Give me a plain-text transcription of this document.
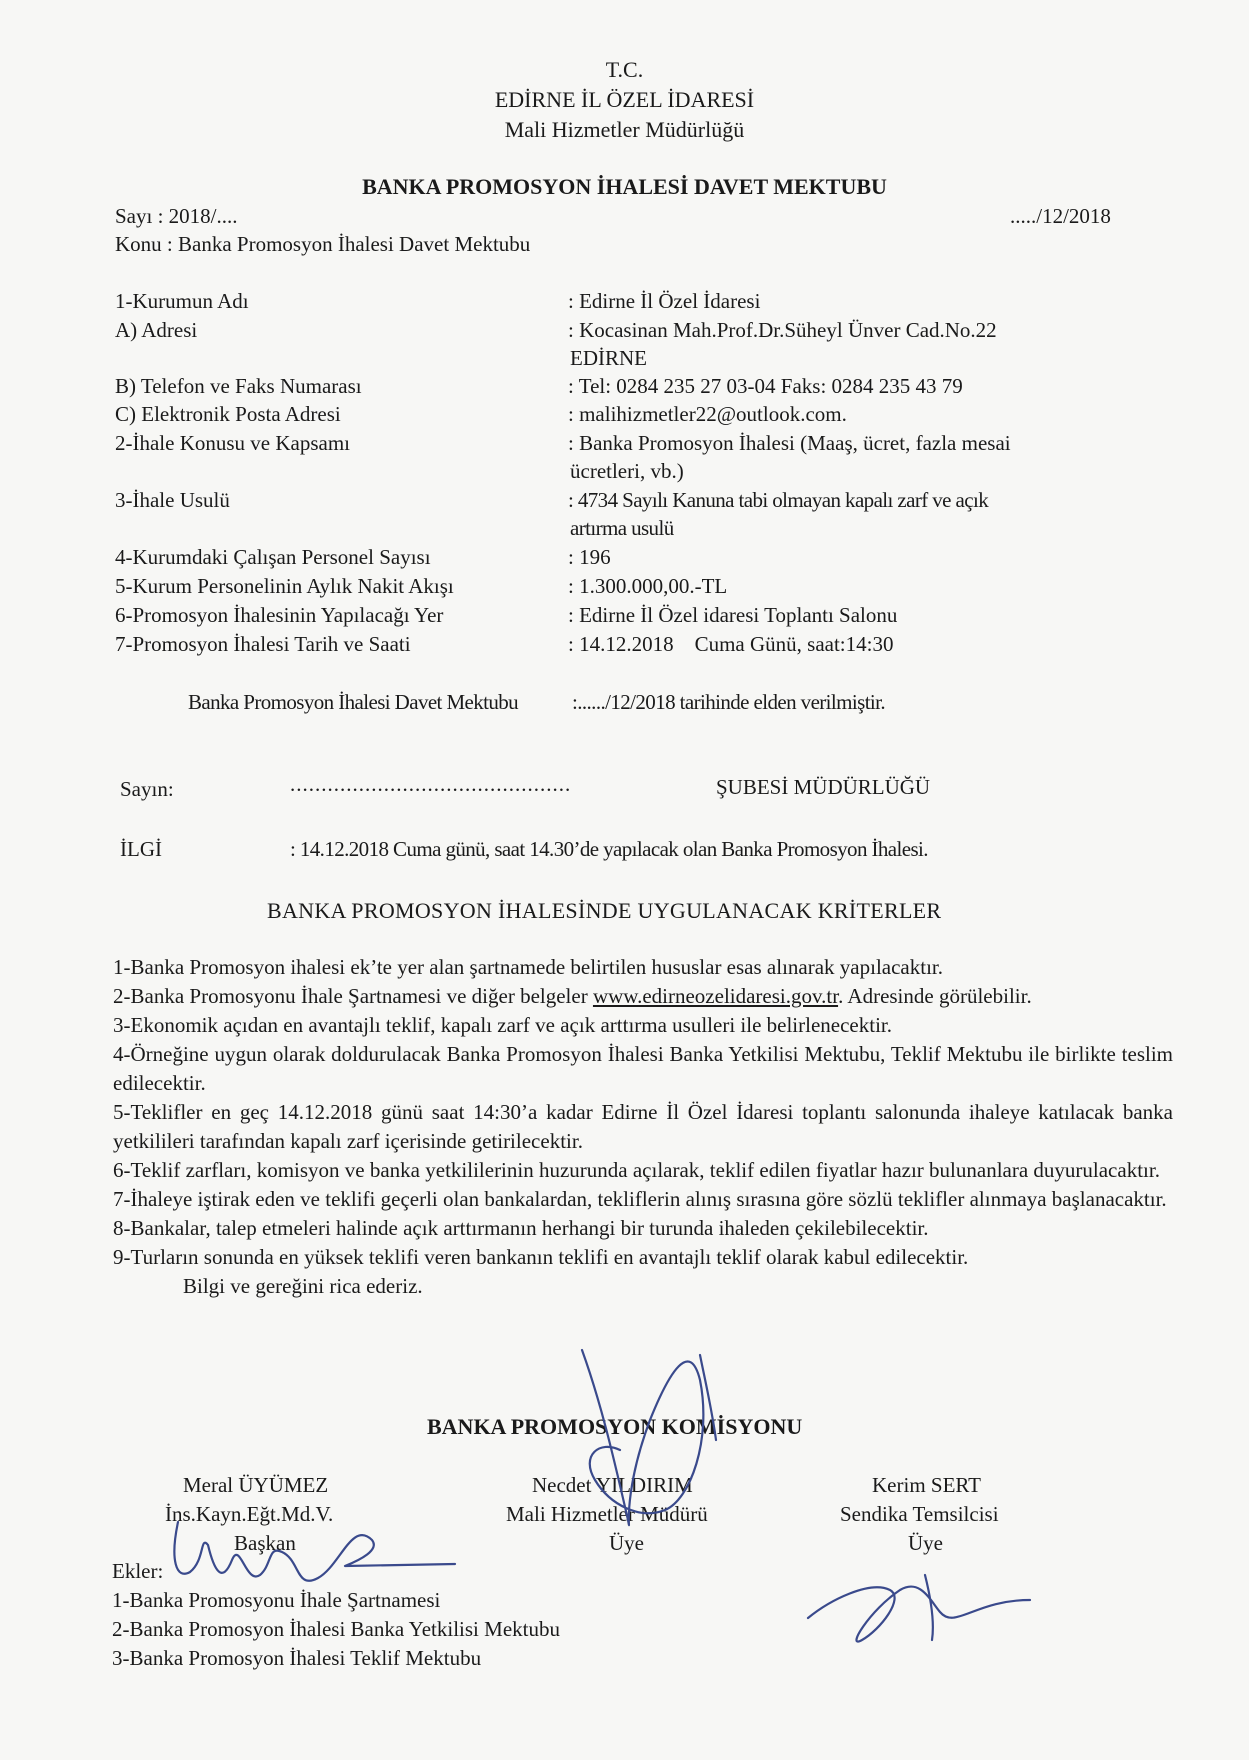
T.C.
EDİRNE İL ÖZEL İDARESİ
Mali Hizmetler Müdürlüğü
BANKA PROMOSYON İHALESİ DAVET MEKTUBU
Sayı : 2018/....	...../12/2018
Konu : Banka Promosyon İhalesi Davet Mektubu
1-Kurumun Adı	: Edirne İl Özel İdaresi
A) Adresi	: Kocasinan Mah.Prof.Dr.Süheyl Ünver Cad.No.22
EDİRNE
B) Telefon ve Faks Numarası	: Tel: 0284 235 27 03-04 Faks: 0284 235 43 79
C) Elektronik Posta Adresi	: malihizmetler22@outlook.com.
2-İhale Konusu ve Kapsamı	: Banka Promosyon İhalesi (Maaş, ücret, fazla mesai
ücretleri, vb.)
3-İhale Usulü	: 4734 Sayılı Kanuna tabi olmayan kapalı zarf ve açık
artırma usulü
4-Kurumdaki Çalışan Personel Sayısı	: 196
5-Kurum Personelinin Aylık Nakit Akışı	: 1.300.000,00.-TL
6-Promosyon İhalesinin Yapılacağı Yer	: Edirne İl Özel idaresi Toplantı Salonu
7-Promosyon İhalesi Tarih ve Saati	: 14.12.2018    Cuma Günü, saat:14:30
Banka Promosyon İhalesi Davet Mektubu	:....../12/2018 tarihinde elden verilmiştir.
Sayın:	.............................................	ŞUBESİ MÜDÜRLÜĞÜ
İLGİ	: 14.12.2018 Cuma günü, saat 14.30’de yapılacak olan Banka Promosyon İhalesi.
BANKA PROMOSYON İHALESİNDE UYGULANACAK KRİTERLER

1-Banka Promosyon ihalesi ek’te yer alan şartnamede belirtilen hususlar esas alınarak yapılacaktır.

2-Banka Promosyonu İhale Şartnamesi ve diğer belgeler www.edirneozelidaresi.gov.tr. Adresinde görülebilir.

3-Ekonomik açıdan en avantajlı teklif, kapalı zarf ve açık arttırma usulleri ile belirlenecektir.

4-Örneğine uygun olarak doldurulacak Banka Promosyon İhalesi Banka Yetkilisi Mektubu, Teklif Mektubu ile birlikte teslim edilecektir.

5-Teklifler en geç 14.12.2018 günü saat 14:30’a kadar Edirne İl Özel İdaresi toplantı salonunda ihaleye katılacak banka yetkilileri tarafından kapalı zarf içerisinde getirilecektir.

6-Teklif zarfları, komisyon ve banka yetkililerinin huzurunda açılarak, teklif edilen fiyatlar hazır bulunanlara duyurulacaktır.

7-İhaleye iştirak eden ve teklifi geçerli olan bankalardan, tekliflerin alınış sırasına göre sözlü teklifler alınmaya başlanacaktır.

8-Bankalar, talep etmeleri halinde açık arttırmanın herhangi bir turunda ihaleden çekilebilecektir.

9-Turların sonunda en yüksek teklifi veren bankanın teklifi en avantajlı teklif olarak kabul edilecektir.

Bilgi ve gereğini rica ederiz.

BANKA PROMOSYON KOMİSYONU
Meral ÜYÜMEZ
İns.Kayn.Eğt.Md.V.
Başkan
Necdet YILDIRIM
Mali Hizmetler Müdürü
Üye
Kerim SERT
Sendika Temsilcisi
Üye
Ekler:
1-Banka Promosyonu İhale Şartnamesi
2-Banka Promosyon İhalesi Banka Yetkilisi Mektubu
3-Banka Promosyon İhalesi Teklif Mektubu
